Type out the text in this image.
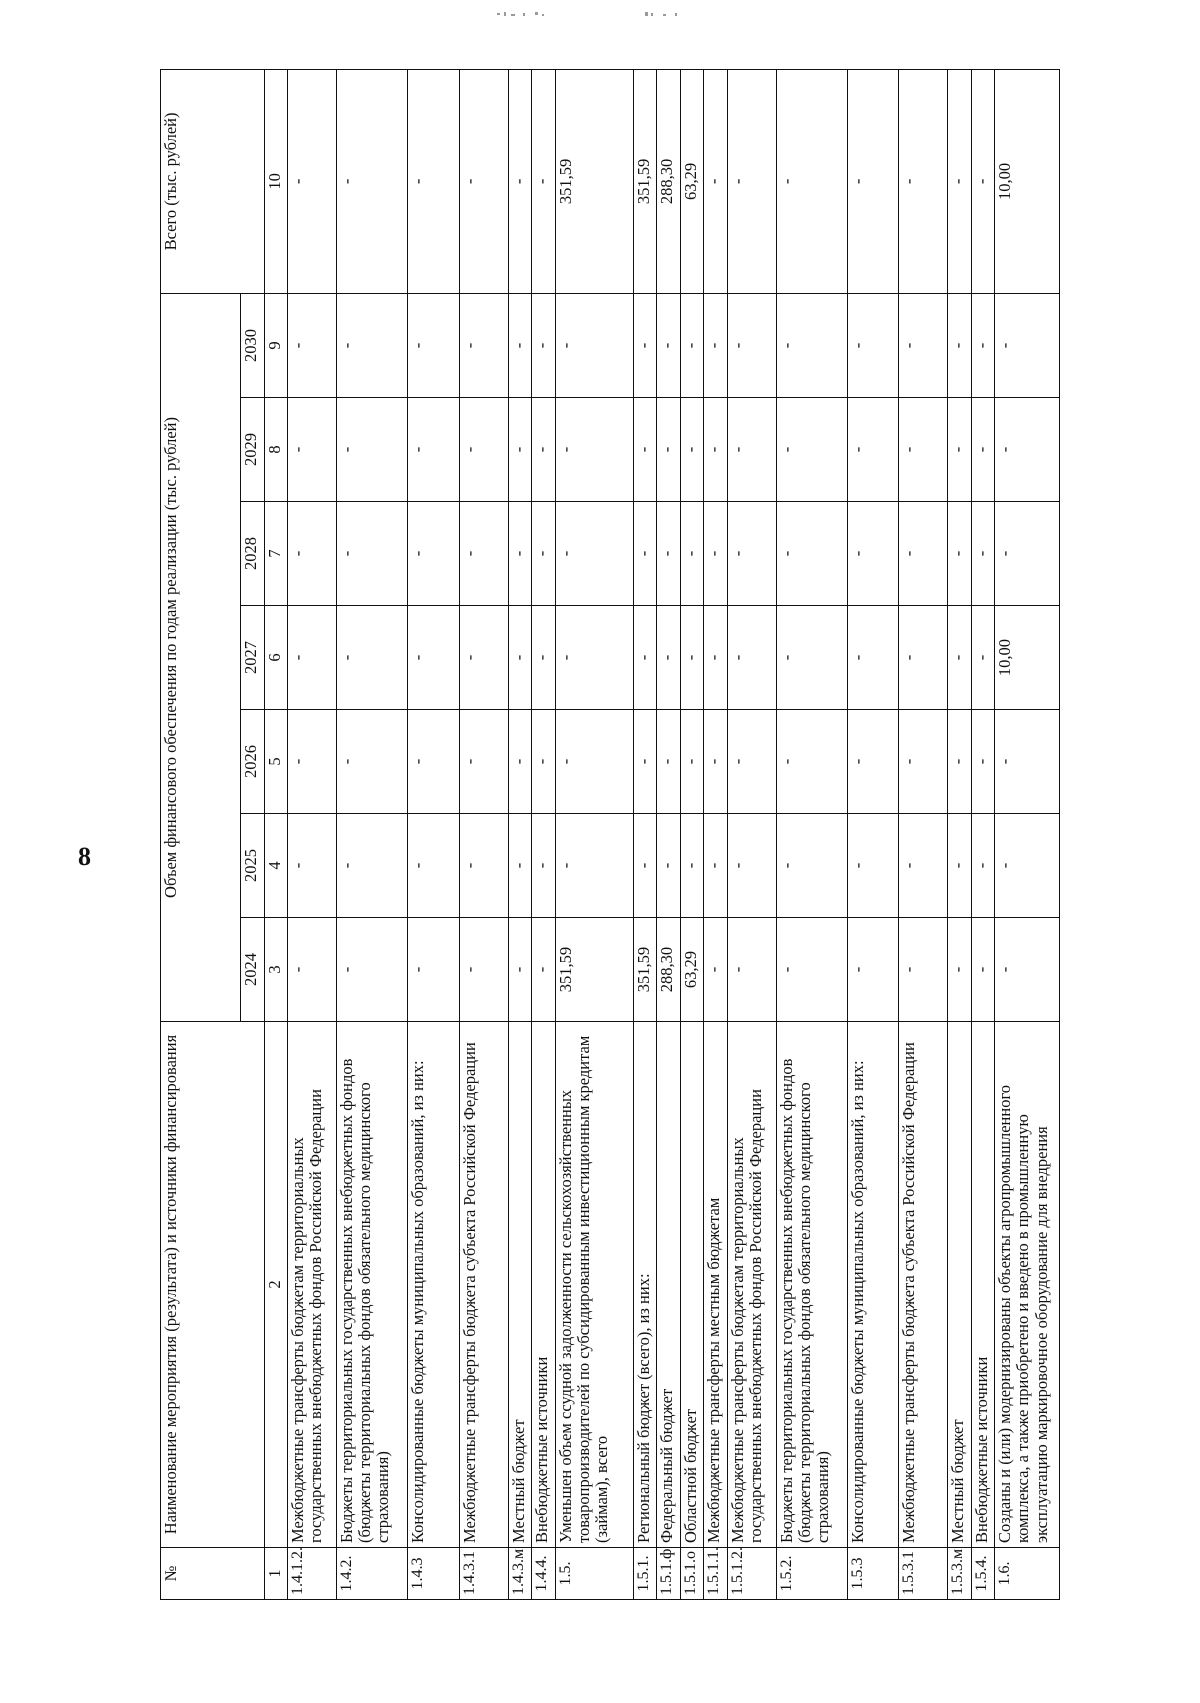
8
№	Наименование мероприятия (результата) и источники финансирования	Объем финансового обеспечения по годам реализации (тыс. рублей)							Всего (тыс. рублей)
		2024	2025	2026	2027	2028	2029	2030	
1	2	3	4	5	6	7	8	9	10
1.4.1.2.	Межбюджетные трансферты бюджетам территориальных государственных внебюджетных фондов Российской Федерации	-	-	-	-	-	-	-	-
1.4.2.	Бюджеты территориальных государственных внебюджетных фондов (бюджеты территориальных фондов обязательного медицинского страхования)	-	-	-	-	-	-	-	-
1.4.3	Консолидированные бюджеты муниципальных образований, из них:	-	-	-	-	-	-	-	-
1.4.3.1	Межбюджетные трансферты бюджета субъекта Российской Федерации	-	-	-	-	-	-	-	-
1.4.3.м	Местный бюджет	-	-	-	-	-	-	-	-
1.4.4.	Внебюджетные источники	-	-	-	-	-	-	-	-
1.5.	Уменьшен объем ссудной задолженности сельскохозяйственных товаропроизводителей по субсидированным инвестиционным кредитам (займам), всего	351,59	-	-	-	-	-	-	351,59
1.5.1.	Региональный бюджет (всего), из них:	351,59	-	-	-	-	-	-	351,59
1.5.1.ф	Федеральный бюджет	288,30	-	-	-	-	-	-	288,30
1.5.1.о	Областной бюджет	63,29	-	-	-	-	-	-	63,29
1.5.1.1.	Межбюджетные трансферты местным бюджетам	-	-	-	-	-	-	-	-
1.5.1.2.	Межбюджетные трансферты бюджетам территориальных государственных внебюджетных фондов Российской Федерации	-	-	-	-	-	-	-	-
1.5.2.	Бюджеты территориальных государственных внебюджетных фондов (бюджеты территориальных фондов обязательного медицинского страхования)	-	-	-	-	-	-	-	-
1.5.3	Консолидированные бюджеты муниципальных образований, из них:	-	-	-	-	-	-	-	-
1.5.3.1	Межбюджетные трансферты бюджета субъекта Российской Федерации	-	-	-	-	-	-	-	-
1.5.3.м	Местный бюджет	-	-	-	-	-	-	-	-
1.5.4.	Внебюджетные источники	-	-	-	-	-	-	-	-
1.6.	Созданы и (или) модернизированы объекты агропромышленного комплекса, а также приобретено и введено в промышленную эксплуатацию маркировочное оборудование для внедрения	-	-	-	10,00	-	-	-	10,00
